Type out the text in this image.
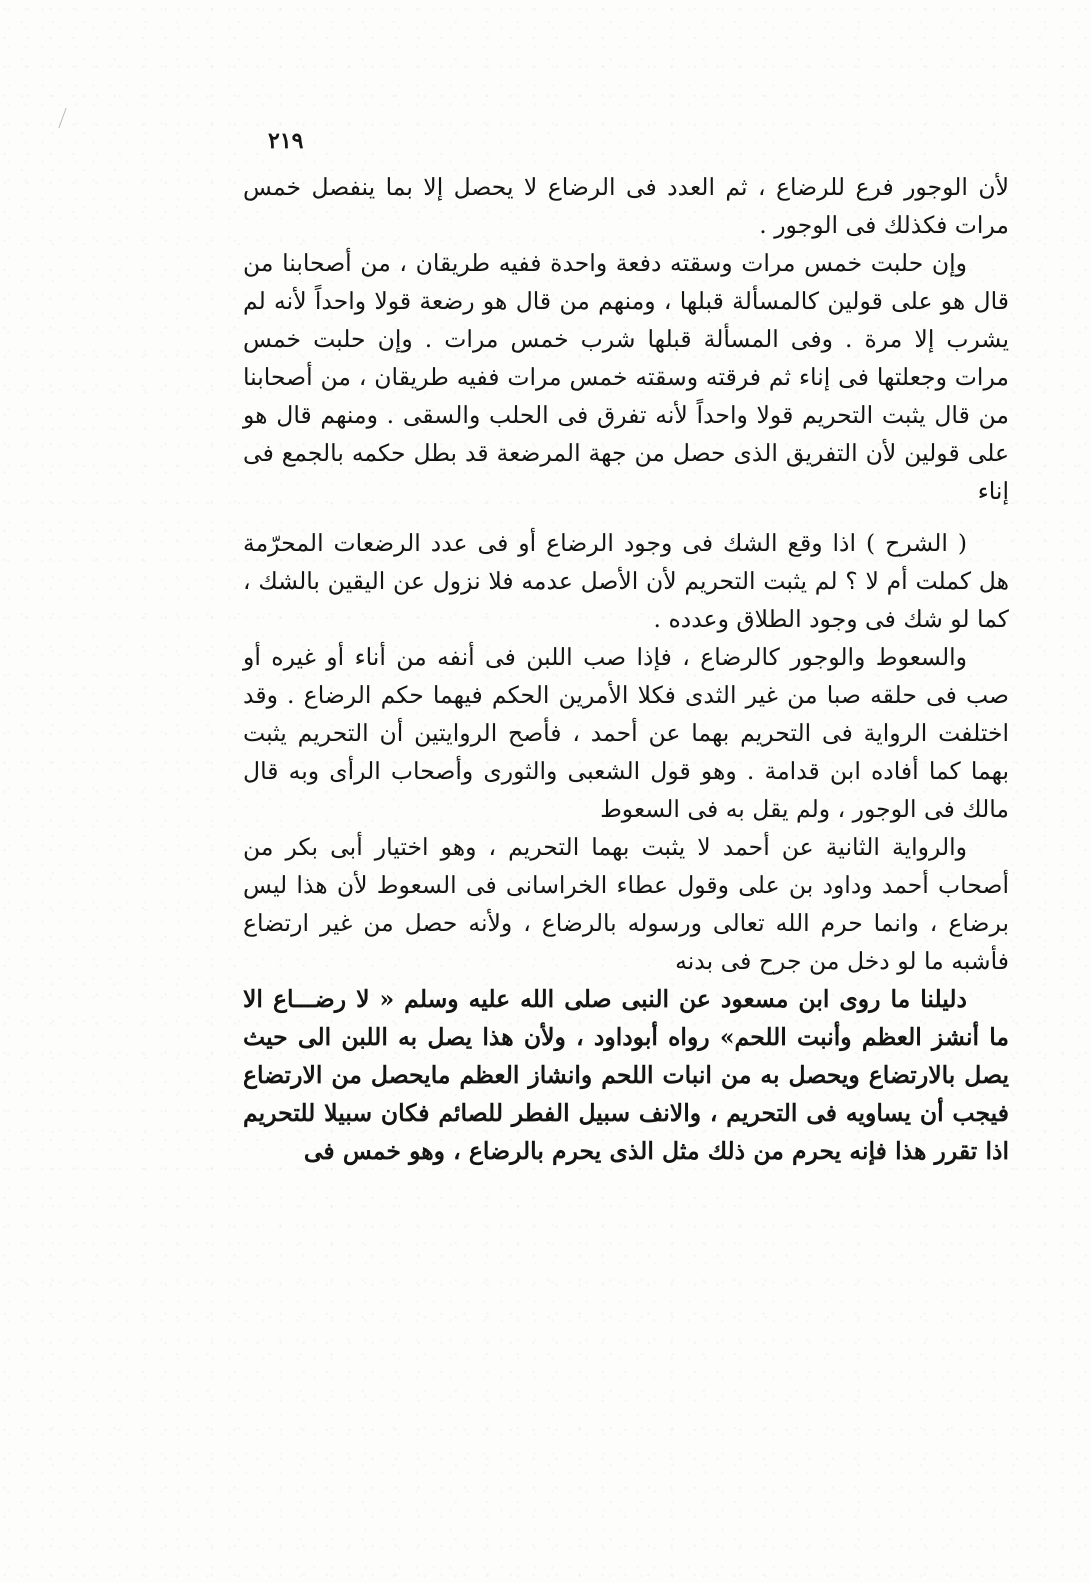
٢١٩

لأن الوجور فرع للرضاع ، ثم العدد فى الرضاع لا يحصل إلا بما ينفصل خمس مرات فكذلك فى الوجور .

وإن حلبت خمس مرات وسقته دفعة واحدة ففيه طريقان ، من أصحابنا من قال هو على قولين كالمسألة قبلها ، ومنهم من قال هو رضعة قولا واحداً لأنه لم يشرب إلا مرة . وفى المسألة قبلها شرب خمس مرات . وإن حلبت خمس مرات وجعلتها فى إناء ثم فرقته وسقته خمس مرات ففيه طريقان ، من أصحابنا من قال يثبت التحريم قولا واحداً لأنه تفرق فى الحلب والسقى . ومنهم قال هو على قولين لأن التفريق الذى حصل من جهة المرضعة قد بطل حكمه بالجمع فى إناء

( الشرح ) اذا وقع الشك فى وجود الرضاع أو فى عدد الرضعات المحرّمة هل كملت أم لا ؟ لم يثبت التحريم لأن الأصل عدمه فلا نزول عن اليقين بالشك ، كما لو شك فى وجود الطلاق وعدده .

والسعوط والوجور كالرضاع ، فإذا صب اللبن فى أنفه من أناء أو غيره أو صب فى حلقه صبا من غير الثدى فكلا الأمرين الحكم فيهما حكم الرضاع . وقد اختلفت الرواية فى التحريم بهما عن أحمد ، فأصح الروايتين أن التحريم يثبت بهما كما أفاده ابن قدامة . وهو قول الشعبى والثورى وأصحاب الرأى وبه قال مالك فى الوجور ، ولم يقل به فى السعوط

والرواية الثانية عن أحمد لا يثبت بهما التحريم ، وهو اختيار أبى بكر من أصحاب أحمد وداود بن على وقول عطاء الخراسانى فى السعوط لأن هذا ليس برضاع ، وانما حرم الله تعالى ورسوله بالرضاع ، ولأنه حصل من غير ارتضاع فأشبه ما لو دخل من جرح فى بدنه

دليلنا ما روى ابن مسعود عن النبى صلى الله عليه وسلم « لا رضـــاع الا ما أنشز العظم وأنبت اللحم» رواه أبوداود ، ولأن هذا يصل به اللبن الى حيث يصل بالارتضاع ويحصل به من انبات اللحم وانشاز العظم مايحصل من الارتضاع فيجب أن يساويه فى التحريم ، والانف سبيل الفطر للصائم فكان سبيلا للتحريم اذا تقرر هذا فإنه يحرم من ذلك مثل الذى يحرم بالرضاع ، وهو خمس فى
